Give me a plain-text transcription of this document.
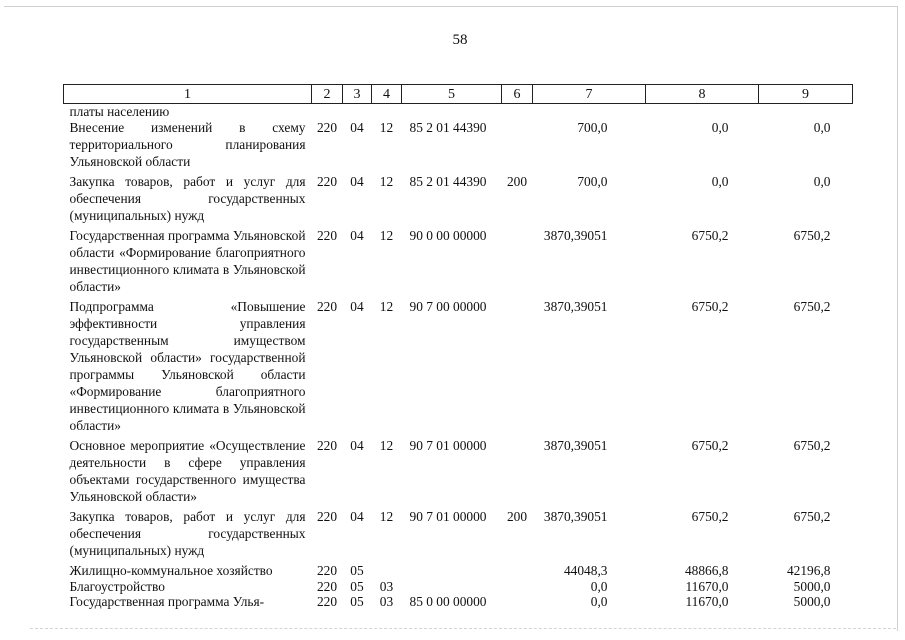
58
1	2	3	4	5	6	7	8	9
платы населению								
Внесение изменений в схему территориального планирования Ульяновской области	220	04	12	85 2 01 44390		700,0	0,0	0,0
Закупка товаров, работ и услуг для обеспечения государственных (муниципальных) нужд	220	04	12	85 2 01 44390	200	700,0	0,0	0,0
Государственная программа Ульяновской области «Формирование благоприятного инвестиционного климата в Ульяновской области»	220	04	12	90 0 00 00000		3870,39051	6750,2	6750,2
Подпрограмма «Повышение эффективности управления государственным имуществом Ульяновской области» государственной программы Ульяновской области «Формирование благоприятного инвестиционного климата в Ульяновской области»	220	04	12	90 7 00 00000		3870,39051	6750,2	6750,2
Основное мероприятие «Осуществление деятельности в сфере управления объектами государственного имущества Ульяновской области»	220	04	12	90 7 01 00000		3870,39051	6750,2	6750,2
Закупка товаров, работ и услуг для обеспечения государственных (муниципальных) нужд	220	04	12	90 7 01 00000	200	3870,39051	6750,2	6750,2
Жилищно-коммунальное хозяйство	220	05				44048,3	48866,8	42196,8
Благоустройство	220	05	03			0,0	11670,0	5000,0
Государственная программа Улья-	220	05	03	85 0 00 00000		0,0	11670,0	5000,0
